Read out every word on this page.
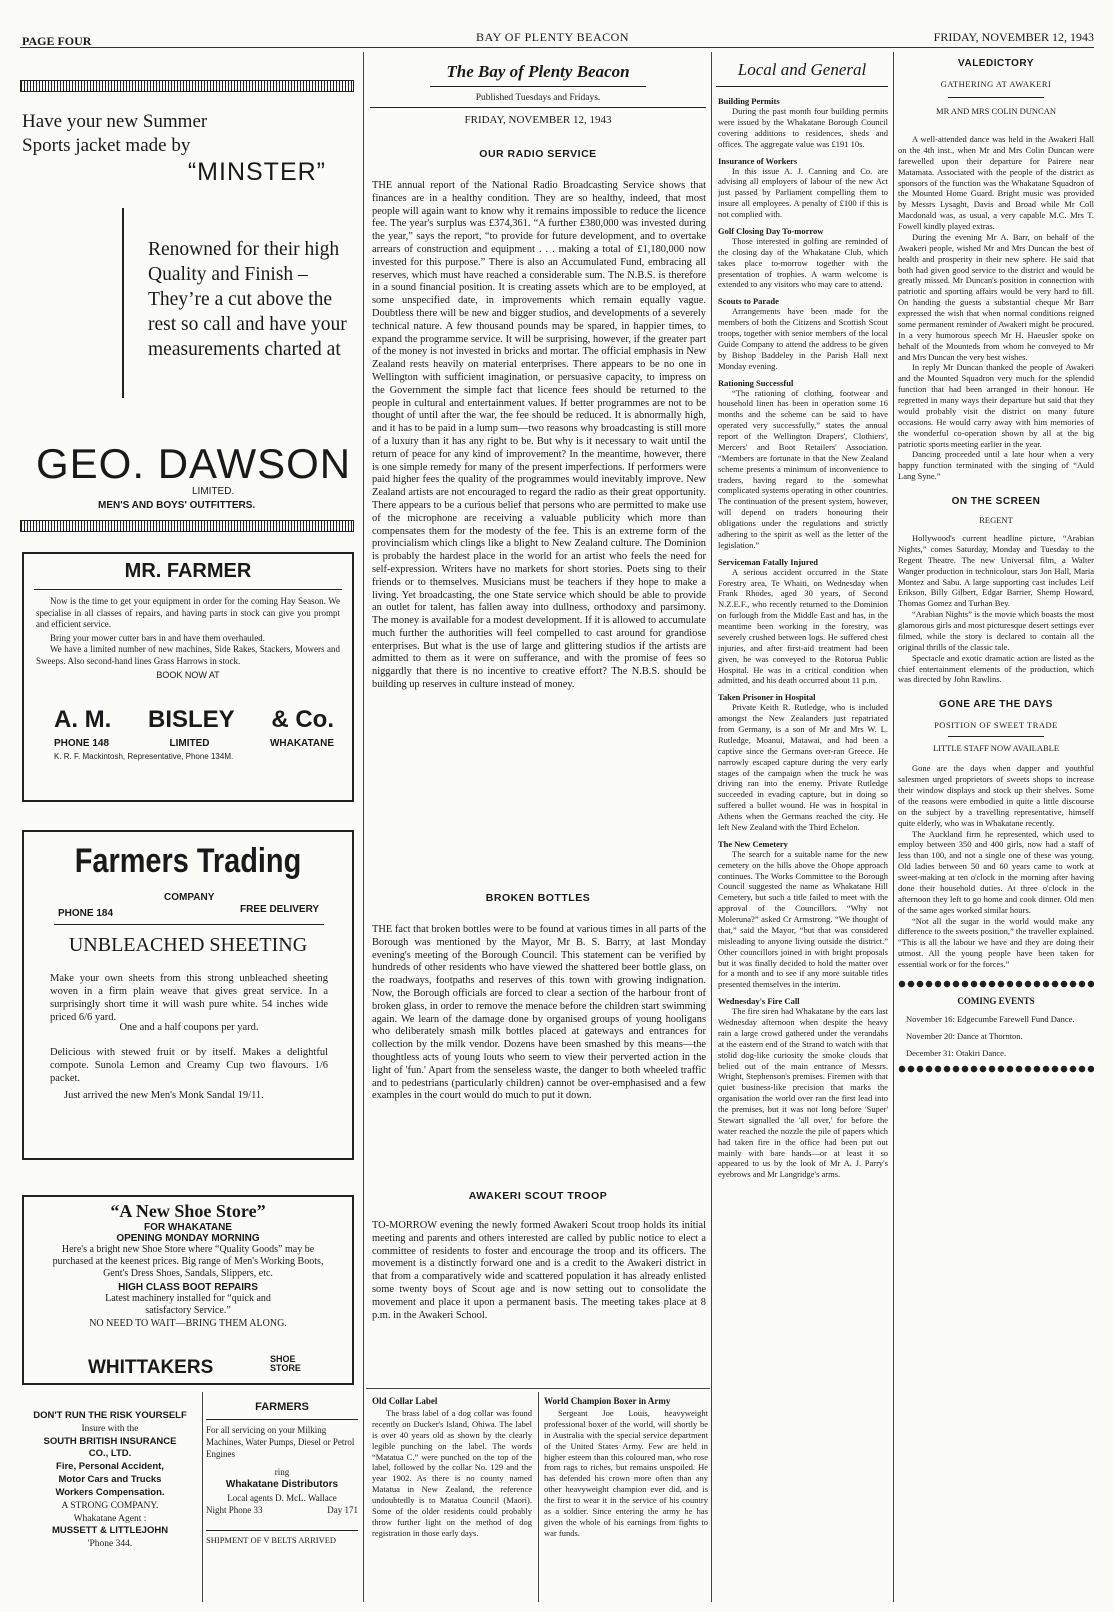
PAGE FOUR	BAY OF PLENTY BEACON	FRIDAY, NOVEMBER 12, 1943
Have your new Summer
Sports jacket made by
“MINSTER”
Renowned for their high Quality and Finish – They’re a cut above the rest so call and have your measurements charted at
GEO. DAWSON
LIMITED.
MEN'S AND BOYS' OUTFITTERS.
MR. FARMER
Now is the time to get your equipment in order for the coming Hay Season. We specialise in all classes of repairs, and having parts in stock can give you prompt and efficient service.
Bring your mower cutter bars in and have them overhauled.
We have a limited number of new machines, Side Rakes, Stackers, Mowers and Sweeps. Also second-hand lines Grass Harrows in stock.
BOOK NOW AT
A. M. BISLEY & Co.
PHONE 148	LIMITED	WHAKATANE
K. R. F. Mackintosh, Representative, Phone 134M.
Farmers Trading
COMPANY
PHONE 184	FREE DELIVERY
UNBLEACHED SHEETING
Make your own sheets from this strong unbleached sheeting woven in a firm plain weave that gives great service. In a surprisingly short time it will wash pure white. 54 inches wide priced 6/6 yard.
One and a half coupons per yard.
Delicious with stewed fruit or by itself. Makes a delightful compote. Sunola Lemon and Creamy Cup two flavours. 1/6 packet.
Just arrived the new Men's Monk Sandal 19/11.
“A New Shoe Store”
FOR WHAKATANE
OPENING MONDAY MORNING
Here's a bright new Shoe Store where “Quality Goods” may be purchased at the keenest prices. Big range of Men's Working Boots, Gent's Dress Shoes, Sandals, Slippers, etc.
HIGH CLASS BOOT REPAIRS
Latest machinery installed for “quick and satisfactory Service.”
NO NEED TO WAIT—BRING THEM ALONG.
WHITTAKERS	SHOE
STORE
DON'T RUN THE RISK YOURSELF
Insure with the
SOUTH BRITISH INSURANCE
CO., LTD.
Fire, Personal Accident,
Motor Cars and Trucks
Workers Compensation.
A STRONG COMPANY.
Whakatane Agent :
MUSSETT & LITTLEJOHN
'Phone 344.
FARMERS
For all servicing on your Milking Machines, Water Pumps, Diesel or Petrol Engines
ring
Whakatane Distributors
Local agents D. McL. Wallace
Night Phone 33	Day 171
SHIPMENT OF V BELTS ARRIVED
The Bay of Plenty Beacon
Published Tuesdays and Fridays.
FRIDAY, NOVEMBER 12, 1943
OUR RADIO SERVICE
THE annual report of the National Radio Broadcasting Service shows that finances are in a healthy condition. They are so healthy, indeed, that most people will again want to know why it remains impossible to reduce the licence fee. The year's surplus was £374,361. “A further £380,000 was invested during the year,” says the report, “to provide for future development, and to overtake arrears of construction and equipment . . . making a total of £1,180,000 now invested for this purpose.” There is also an Accumulated Fund, embracing all reserves, which must have reached a considerable sum. The N.B.S. is therefore in a sound financial position. It is creating assets which are to be employed, at some unspecified date, in improvements which remain equally vague. Doubtless there will be new and bigger studios, and developments of a severely technical nature. A few thousand pounds may be spared, in happier times, to expand the programme service. It will be surprising, however, if the greater part of the money is not invested in bricks and mortar. The official emphasis in New Zealand rests heavily on material enterprises. There appears to be no one in Wellington with sufficient imagination, or persuasive capacity, to impress on the Government the simple fact that licence fees should be returned to the people in cultural and entertainment values. If better programmes are not to be thought of until after the war, the fee should be reduced. It is abnormally high, and it has to be paid in a lump sum—two reasons why broadcasting is still more of a luxury than it has any right to be. But why is it necessary to wait until the return of peace for any kind of improvement? In the meantime, however, there is one simple remedy for many of the present imperfections. If performers were paid higher fees the quality of the programmes would inevitably improve. New Zealand artists are not encouraged to regard the radio as their great opportunity. There appears to be a curious belief that persons who are permitted to make use of the microphone are receiving a valuable publicity which more than compensates them for the modesty of the fee. This is an extreme form of the provincialism which clings like a blight to New Zealand culture. The Dominion is probably the hardest place in the world for an artist who feels the need for self-expression. Writers have no markets for short stories. Poets sing to their friends or to themselves. Musicians must be teachers if they hope to make a living. Yet broadcasting, the one State service which should be able to provide an outlet for talent, has fallen away into dullness, orthodoxy and parsimony. The money is available for a modest development. If it is allowed to accumulate much further the authorities will feel compelled to cast around for grandiose enterprises. But what is the use of large and glittering studios if the artists are admitted to them as it were on sufferance, and with the promise of fees so niggardly that there is no incentive to creative effort? The N.B.S. should be building up reserves in culture instead of money.
BROKEN BOTTLES
THE fact that broken bottles were to be found at various times in all parts of the Borough was mentioned by the Mayor, Mr B. S. Barry, at last Monday evening's meeting of the Borough Council. This statement can be verified by hundreds of other residents who have viewed the shattered beer bottle glass, on the roadways, footpaths and reserves of this town with growing indignation. Now, the Borough officials are forced to clear a section of the harbour front of broken glass, in order to remove the menace before the children start swimming again. We learn of the damage done by organised groups of young hooligans who deliberately smash milk bottles placed at gateways and entrances for collection by the milk vendor. Dozens have been smashed by this means—the thoughtless acts of young louts who seem to view their perverted action in the light of 'fun.' Apart from the senseless waste, the danger to both wheeled traffic and to pedestrians (particularly children) cannot be over-emphasised and a few examples in the court would do much to put it down.
AWAKERI SCOUT TROOP
TO-MORROW evening the newly formed Awakeri Scout troop holds its initial meeting and parents and others interested are called by public notice to elect a committee of residents to foster and encourage the troop and its officers. The movement is a distinctly forward one and is a credit to the Awakeri district in that from a comparatively wide and scattered population it has already enlisted some twenty boys of Scout age and is now setting out to consolidate the movement and place it upon a permanent basis. The meeting takes place at 8 p.m. in the Awakeri School.
Old Collar Label
The brass label of a dog collar was found recently on Ducker's Island, Ohiwa. The label is over 40 years old as shown by the clearly legible punching on the label. The words “Matatua C.” were punched on the top of the label, followed by the collar No. 129 and the year 1902. As there is no county named Matatua in New Zealand, the reference undoubtedly is to Matatua Council (Maori). Some of the older residents could probably throw further light on the method of dog registration in those early days.
World Champion Boxer in Army
Sergeant Joe Louis, heavyweight professional boxer of the world, will shortly be in Australia with the special service department of the United States Army. Few are held in higher esteem than this coloured man, who rose from rags to riches, but remains unspoiled. He has defended his crown more often than any other heavyweight champion ever did, and is the first to wear it in the service of his country as a soldier. Since entering the army he has given the whole of his earnings from fights to war funds.
Local and General
Building Permits
During the past month four building permits were issued by the Whakatane Borough Council covering additions to residences, sheds and offices. The aggregate value was £191 10s.
Insurance of Workers
In this issue A. J. Canning and Co. are advising all employers of labour of the new Act just passed by Parliament compelling them to insure all employees. A penalty of £100 if this is not complied with.
Golf Closing Day To-morrow
Those interested in golfing are reminded of the closing day of the Whakatane Club, which takes place to-morrow together with the presentation of trophies. A warm welcome is extended to any visitors who may care to attend.
Scouts to Parade
Arrangements have been made for the members of both the Citizens and Scottish Scout troops, together with senior members of the local Guide Company to attend the address to be given by Bishop Baddeley in the Parish Hall next Monday evening.
Rationing Successful
“The rationing of clothing, footwear and household linen has been in operation some 16 months and the scheme can be said to have operated very successfully,” states the annual report of the Wellington Drapers', Clothiers', Mercers' and Boot Retailers' Association. “Members are fortunate in that the New Zealand scheme presents a minimum of inconvenience to traders, having regard to the somewhat complicated systems operating in other countries. The continuation of the present system, however, will depend on traders honouring their obligations under the regulations and strictly adhering to the spirit as well as the letter of the legislation.”
Serviceman Fatally Injured
A serious accident occurred in the State Forestry area, Te Whaiti, on Wednesday when Frank Rhodes, aged 30 years, of Second N.Z.E.F., who recently returned to the Dominion on furlough from the Middle East and has, in the meantime been working in the forestry, was severely crushed between logs. He suffered chest injuries, and after first-aid treatment had been given, he was conveyed to the Rotorua Public Hospital. He was in a critical condition when admitted, and his death occurred about 11 p.m.
Taken Prisoner in Hospital
Private Keith R. Rutledge, who is included amongst the New Zealanders just repatriated from Germany, is a son of Mr and Mrs W. L. Rutledge, Moanui, Matawai, and had been a captive since the Germans over-ran Greece. He narrowly escaped capture during the very early stages of the campaign when the truck he was driving ran into the enemy. Private Rutledge succeeded in evading capture, but in doing so suffered a bullet wound. He was in hospital in Athens when the Germans reached the city. He left New Zealand with the Third Echelon.
The New Cemetery
The search for a suitable name for the new cemetery on the hills above the Ohope approach continues. The Works Committee to the Borough Council suggested the name as Whakatane Hill Cemetery, but such a title failed to meet with the approval of the Councillors. “Why not Moleruna?” asked Cr Armstrong. “We thought of that,” said the Mayor, “but that was considered misleading to anyone living outside the district.” Other councillors joined in with bright proposals but it was finally decided to hold the matter over for a month and to see if any more suitable titles presented themselves in the interim.
Wednesday's Fire Call
The fire siren had Whakatane by the ears last Wednesday afternoon when despite the heavy rain a large crowd gathered under the verandahs at the eastern end of the Strand to watch with that stolid dog-like curiosity the smoke clouds that belied out of the main entrance of Messrs. Wright, Stephenson's premises. Firemen with that quiet business-like precision that marks the organisation the world over ran the first lead into the premises, but it was not long before 'Super' Stewart signalled the 'all over,' for before the water reached the nozzle the pile of papers which had taken fire in the office had been put out mainly with bare hands—or at least it so appeared to us by the look of Mr A. J. Parry's eyebrows and Mr Langridge's arms.
VALEDICTORY
GATHERING AT AWAKERI
MR AND MRS COLIN DUNCAN
A well-attended dance was held in the Awakeri Hall on the 4th inst., when Mr and Mrs Colin Duncan were farewelled upon their departure for Pairere near Matamata. Associated with the people of the district as sponsors of the function was the Whakatane Squadron of the Mounted Home Guard. Bright music was provided by Messrs Lysaght, Davis and Broad while Mr Coll Macdonald was, as usual, a very capable M.C. Mrs T. Fowell kindly played extras.
During the evening Mr A. Barr, on behalf of the Awakeri people, wished Mr and Mrs Duncan the best of health and prosperity in their new sphere. He said that both had given good service to the district and would be greatly missed. Mr Duncan's position in connection with patriotic and sporting affairs would be very hard to fill. On handing the guests a substantial cheque Mr Barr expressed the wish that when normal conditions reigned some permanent reminder of Awakeri might be procured. In a very humorous speech Mr H. Haeusler spoke on behalf of the Mounteds from whom he conveyed to Mr and Mrs Duncan the very best wishes.
In reply Mr Duncan thanked the people of Awakeri and the Mounted Squadron very much for the splendid function that had been arranged in their honour. He regretted in many ways their departure but said that they would probably visit the district on many future occasions. He would carry away with him memories of the wonderful co-operation shown by all at the big patriotic sports meeting earlier in the year.
Dancing proceeded until a late hour when a very happy function terminated with the singing of “Auld Lang Syne.”
ON THE SCREEN
REGENT
Hollywood's current headline picture, “Arabian Nights,” comes Saturday, Monday and Tuesday to the Regent Theatre. The new Universal film, a Walter Wanger production in technicolour, stars Jon Hall, Maria Montez and Sabu. A large supporting cast includes Leif Erikson, Billy Gilbert, Edgar Barrier, Shemp Howard, Thomas Gomez and Turhan Bey.
“Arabian Nights” is the movie which boasts the most glamorous girls and most picturesque desert settings ever filmed, while the story is declared to contain all the original thrills of the classic tale.
Spectacle and exotic dramatic action are listed as the chief entertainment elements of the production, which was directed by John Rawlins.
GONE ARE THE DAYS
POSITION OF SWEET TRADE
LITTLE STAFF NOW AVAILABLE
Gone are the days when dapper and youthful salesmen urged proprietors of sweets shops to increase their window displays and stock up their shelves. Some of the reasons were embodied in quite a little discourse on the subject by a travelling representative, himself quite elderly, who was in Whakatane recently.
The Auckland firm he represented, which used to employ between 350 and 400 girls, now had a staff of less than 100, and not a single one of these was young. Old ladies between 50 and 60 years came to work at sweet-making at ten o'clock in the morning after having done their household duties. At three o'clock in the afternoon they left to go home and cook dinner. Old men of the same ages worked similar hours.
“Not all the sugar in the world would make any difference to the sweets position,” the traveller explained. “This is all the labour we have and they are doing their utmost. All the young people have been taken for essential work or for the forces.”
COMING EVENTS
November 16: Edgecumbe Farewell Fund Dance.
November 20: Dance at Thornton.
December 31: Otakiri Dance.
